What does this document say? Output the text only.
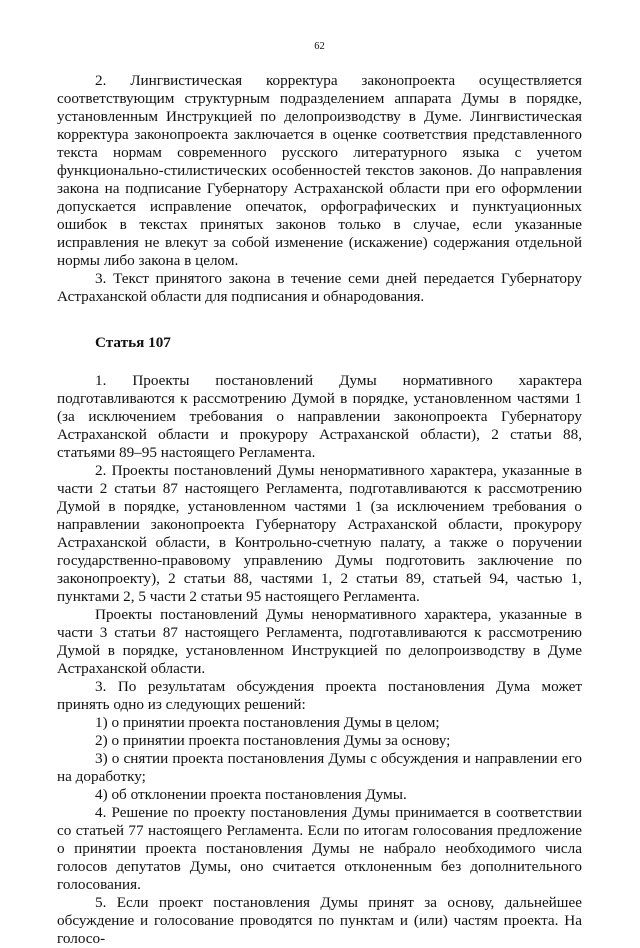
62

2. Лингвистическая корректура законопроекта осуществляется соответствующим структурным подразделением аппарата Думы в порядке, установленным Инструкцией по делопроизводству в Думе. Лингвистическая корректура законопроекта заключается в оценке соответствия представленного текста нормам современного русского литературного языка с учетом функционально-стилистических особенностей текстов законов. До направления закона на подписание Губернатору Астраханской области при его оформлении допускается исправление опечаток, орфографических и пунктуационных ошибок в текстах принятых законов только в случае, если указанные исправления не влекут за собой изменение (искажение) содержания отдельной нормы либо закона в целом.

3. Текст принятого закона в течение семи дней передается Губернатору Астраханской области для подписания и обнародования.

Статья 107

1. Проекты постановлений Думы нормативного характера подготавливаются к рассмотрению Думой в порядке, установленном частями 1 (за исключением требования о направлении законопроекта Губернатору Астраханской области и прокурору Астраханской области), 2 статьи 88, статьями 89–95 настоящего Регламента.

2. Проекты постановлений Думы ненормативного характера, указанные в части 2 статьи 87 настоящего Регламента, подготавливаются к рассмотрению Думой в порядке, установленном частями 1 (за исключением требования о направлении законопроекта Губернатору Астраханской области, прокурору Астраханской области, в Контрольно-счетную палату, а также о поручении государственно-правовому управлению Думы подготовить заключение по законопроекту), 2 статьи 88, частями 1, 2 статьи 89, статьей 94, частью 1, пунктами 2, 5 части 2 статьи 95 настоящего Регламента.

Проекты постановлений Думы ненормативного характера, указанные в части 3 статьи 87 настоящего Регламента, подготавливаются к рассмотрению Думой в порядке, установленном Инструкцией по делопроизводству в Думе Астраханской области.

3. По результатам обсуждения проекта постановления Дума может принять одно из следующих решений:

1) о принятии проекта постановления Думы в целом;

2) о принятии проекта постановления Думы за основу;

3) о снятии проекта постановления Думы с обсуждения и направлении его на доработку;

4) об отклонении проекта постановления Думы.

4. Решение по проекту постановления Думы принимается в соответствии со статьей 77 настоящего Регламента. Если по итогам голосования предложение о принятии проекта постановления Думы не набрало необходимого числа голосов депутатов Думы, оно считается отклоненным без дополнительного голосования.

5. Если проект постановления Думы принят за основу, дальнейшее обсуждение и голосование проводятся по пунктам и (или) частям проекта. На голосо-
